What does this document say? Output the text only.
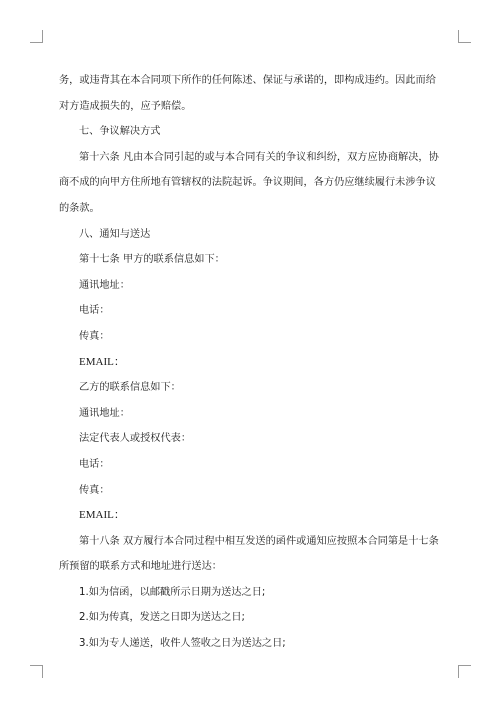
务，或违背其在本合同项下所作的任何陈述、保证与承诺的，即构成违约。因此而给
对方造成损失的，应予赔偿。
七、争议解决方式
第十六条 凡由本合同引起的或与本合同有关的争议和纠纷，双方应协商解决，协
商不成的向甲方住所地有管辖权的法院起诉。争议期间，各方仍应继续履行未涉争议
的条款。
八、通知与送达
第十七条 甲方的联系信息如下：
通讯地址：
电话：
传真：
EMAIL：
乙方的联系信息如下：
通讯地址：
法定代表人或授权代表：
电话：
传真：
EMAIL：
第十八条 双方履行本合同过程中相互发送的函件或通知应按照本合同第是十七条
所预留的联系方式和地址进行送达：
1.如为信函，以邮戳所示日期为送达之日;
2.如为传真，发送之日即为送达之日;
3.如为专人递送，收件人签收之日为送达之日;
